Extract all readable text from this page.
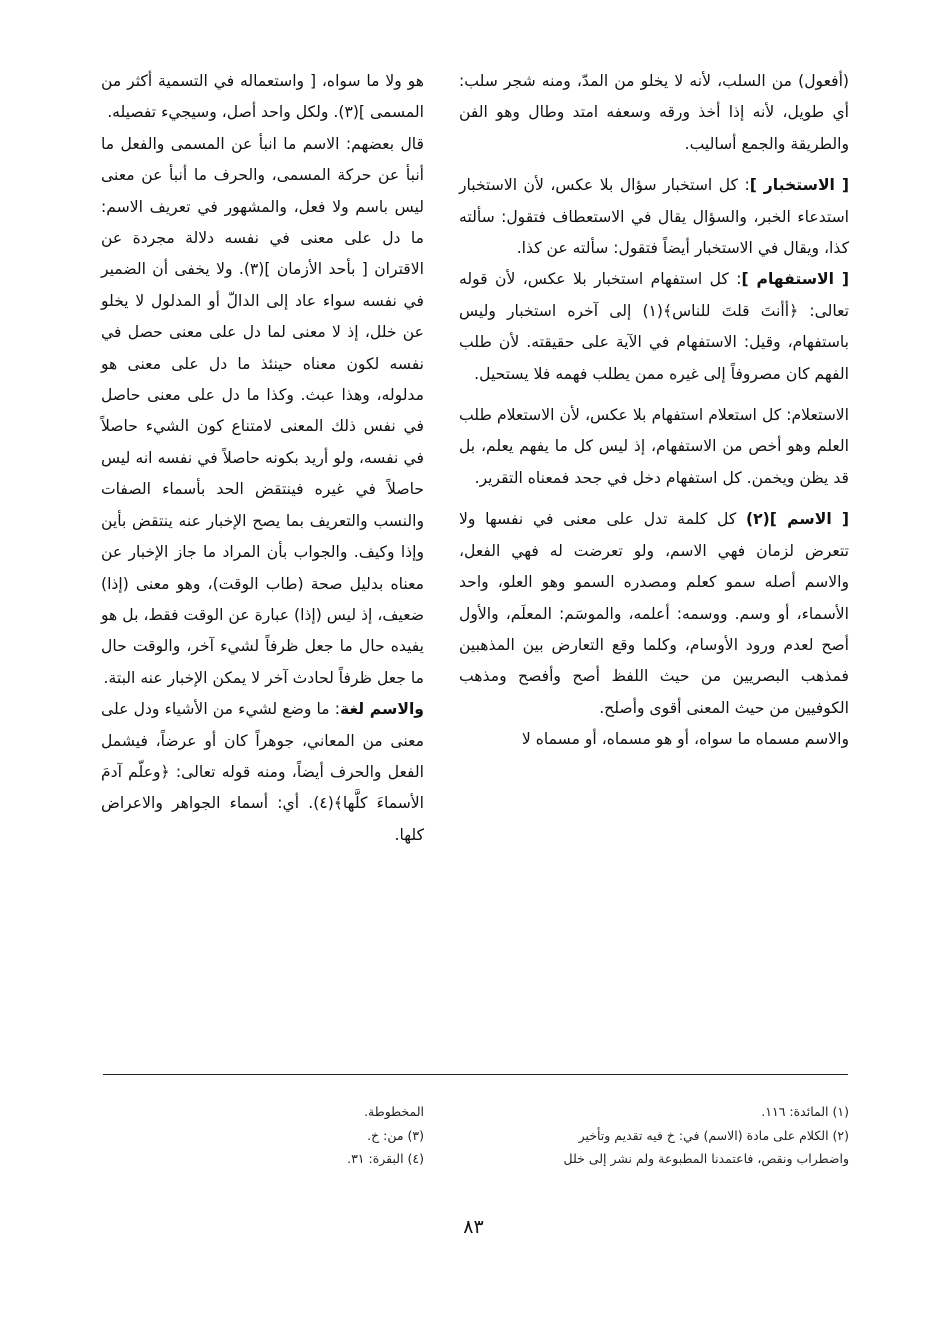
(أفعول) من السلب، لأنه لا يخلو من المدّ، ومنه شجر سلب: أي طويل، لأنه إذا أخذ ورقه وسعفه امتد وطال وهو الفن والطريقة والجمع أساليب.

[ الاستخبار ]: كل استخبار سؤال بلا عكس، لأن الاستخبار استدعاء الخبر، والسؤال يقال في الاستعطاف فتقول: سألته كذا، ويقال في الاستخبار أيضاً فتقول: سألته عن كذا.

[ الاستفهام ]: كل استفهام استخبار بلا عكس، لأن قوله تعالى: ﴿أأنتَ قلتَ للناس﴾(١) إلى آخره استخبار وليس باستفهام، وقيل: الاستفهام في الآية على حقيقته. لأن طلب الفهم كان مصروفاً إلى غيره ممن يطلب فهمه فلا يستحيل.

الاستعلام: كل استعلام استفهام بلا عكس، لأن الاستعلام طلب العلم وهو أخص من الاستفهام، إذ ليس كل ما يفهم يعلم، بل قد يظن ويخمن. كل استفهام دخل في جحد فمعناه التقرير.

[ الاسم ](٢) كل كلمة تدل على معنى في نفسها ولا تتعرض لزمان فهي الاسم، ولو تعرضت له فهي الفعل، والاسم أصله سمو كعلم ومصدره السمو وهو العلو، واحد الأسماء، أو وسم. ووسمه: أعلمه، والموسَم: المعلَم، والأول أصح لعدم ورود الأوسام، وكلما وقع التعارض بين المذهبين فمذهب البصريين من حيث اللفظ أصح وأفصح ومذهب الكوفيين من حيث المعنى أقوى وأصلح.

والاسم مسماه ما سواه، أو هو مسماه، أو مسماه لا

هو ولا ما سواه، [ واستعماله في التسمية أكثر من المسمى ](٣). ولكل واحد أصل، وسيجيء تفصيله.

قال بعضهم: الاسم ما انبأ عن المسمى والفعل ما أنبأ عن حركة المسمى، والحرف ما أنبأ عن معنى ليس باسم ولا فعل، والمشهور في تعريف الاسم: ما دل على معنى في نفسه دلالة مجردة عن الاقتران [ بأحد الأزمان ](٣). ولا يخفى أن الضمير في نفسه سواء عاد إلى الدالّ أو المدلول لا يخلو عن خلل، إذ لا معنى لما دل على معنى حصل في نفسه لكون معناه حينئذ ما دل على معنى هو مدلوله، وهذا عبث. وكذا ما دل على معنى حاصل في نفس ذلك المعنى لامتناع كون الشيء حاصلاً في نفسه، ولو أريد بكونه حاصلاً في نفسه انه ليس حاصلاً في غيره فينتقض الحد بأسماء الصفات والنسب والتعريف بما يصح الإخبار عنه ينتقض بأين وإذا وكيف. والجواب بأن المراد ما جاز الإخبار عن معناه بدليل صحة (طاب الوقت)، وهو معنى (إذا) ضعيف، إذ ليس (إذا) عبارة عن الوقت فقط، بل هو يفيده حال ما جعل ظرفاً لشيء آخر، والوقت حال ما جعل ظرفاً لحادث آخر لا يمكن الإخبار عنه البتة.

والاسم لغة: ما وضع لشيء من الأشياء ودل على معنى من المعاني، جوهراً كان أو عرضاً، فيشمل الفعل والحرف أيضاً، ومنه قوله تعالى: ﴿وعلّم آدمَ الأسماءَ كلَّها﴾(٤). أي: أسماء الجواهر والاعراض كلها.

(١) المائدة: ١١٦.
(٢) الكلام على مادة (الاسم) في: خ فيه تقديم وتأخير
واضطراب ونقص، فاعتمدنا المطبوعة ولم نشر إلى خلل
المخطوطة.
(٣) من: خ.
(٤) البقرة: ٣١.
٨٣
